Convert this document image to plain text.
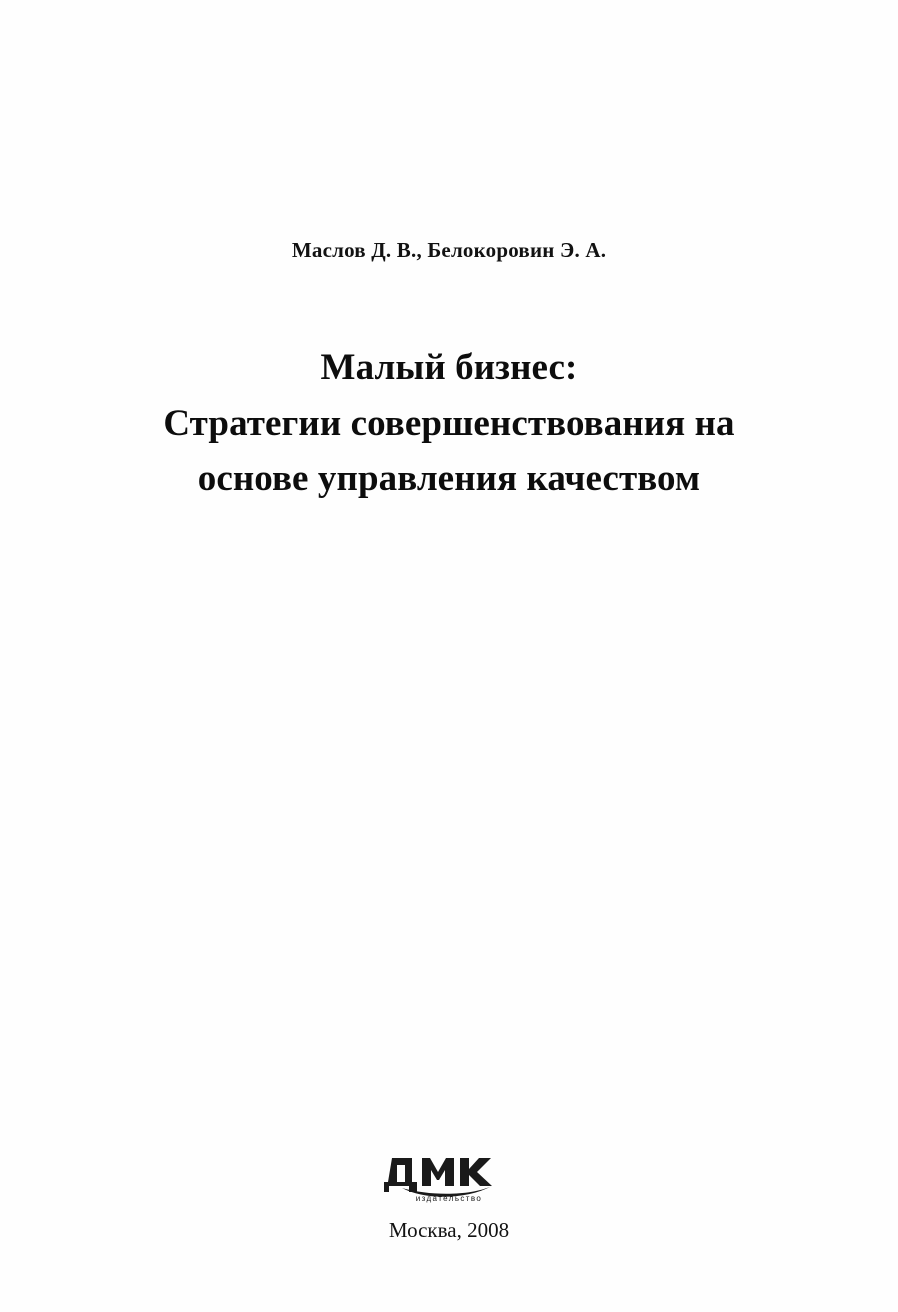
Маслов Д. В., Белокоровин Э. А.
Малый бизнес:
Стратегии совершенствования на
основе управления качеством
издательство
Москва, 2008
